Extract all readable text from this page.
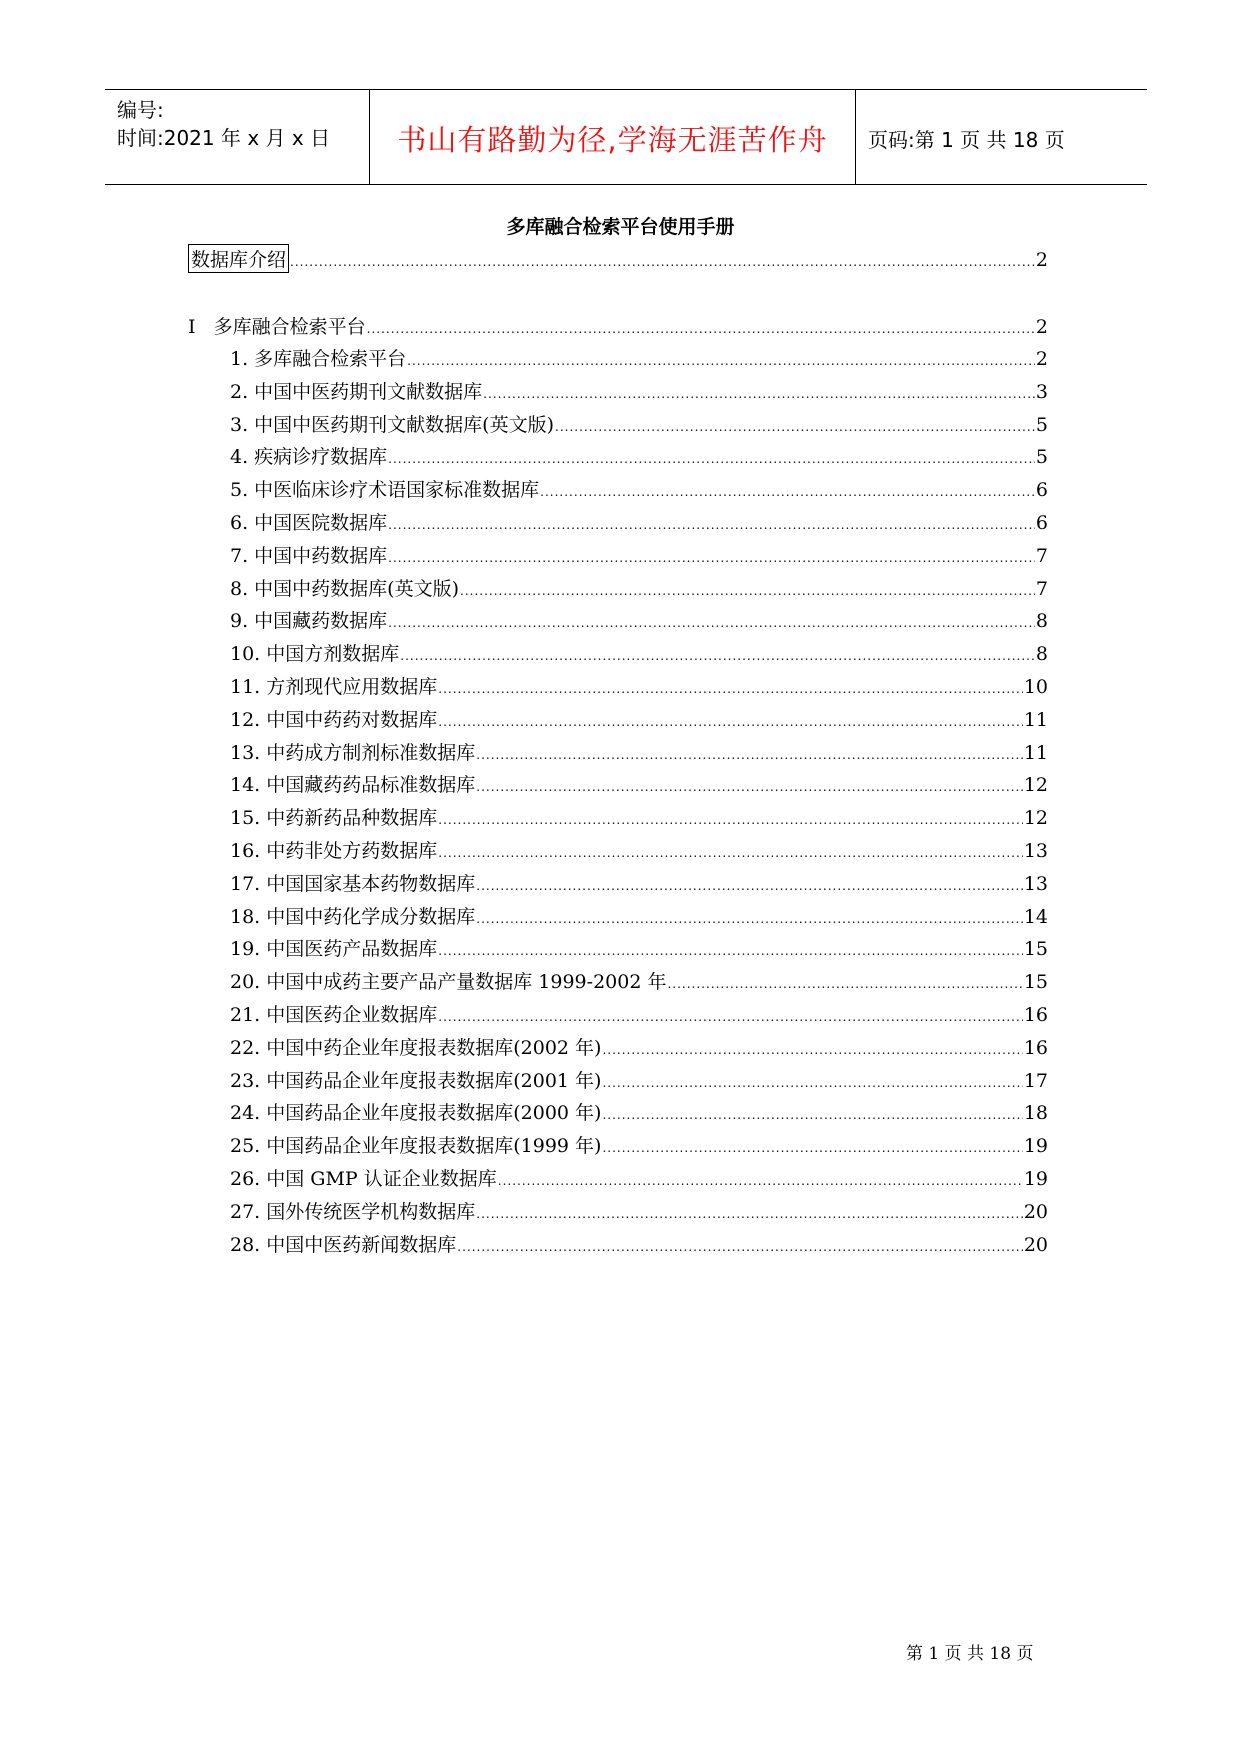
编号:
时间:2021 年 x 月 x 日	书山有路勤为径,学海无涯苦作舟	页码:第 1 页 共 18 页
多库融合检索平台使用手册
数据库介绍 .....	2
I   多库融合检索平台 .....	2
1. 多库融合检索平台 .....	2
2. 中国中医药期刊文献数据库 .....	3
3. 中国中医药期刊文献数据库(英文版) .....	5
4. 疾病诊疗数据库 .....	5
5. 中医临床诊疗术语国家标准数据库 .....	6
6. 中国医院数据库 .....	6
7. 中国中药数据库 .....	7
8. 中国中药数据库(英文版) .....	7
9. 中国藏药数据库 .....	8
10. 中国方剂数据库 .....	8
11. 方剂现代应用数据库 .....	10
12. 中国中药药对数据库 .....	11
13. 中药成方制剂标准数据库 .....	11
14. 中国藏药药品标准数据库 .....	12
15. 中药新药品种数据库 .....	12
16. 中药非处方药数据库 .....	13
17. 中国国家基本药物数据库 .....	13
18. 中国中药化学成分数据库 .....	14
19. 中国医药产品数据库 .....	15
20. 中国中成药主要产品产量数据库 1999-2002 年 .....	15
21. 中国医药企业数据库 .....	16
22. 中国中药企业年度报表数据库(2002 年) .....	16
23. 中国药品企业年度报表数据库(2001 年) .....	17
24. 中国药品企业年度报表数据库(2000 年) .....	18
25. 中国药品企业年度报表数据库(1999 年) .....	19
26. 中国 GMP 认证企业数据库 .....	19
27. 国外传统医学机构数据库 .....	20
28. 中国中医药新闻数据库 .....	20
第 1 页 共 18 页
